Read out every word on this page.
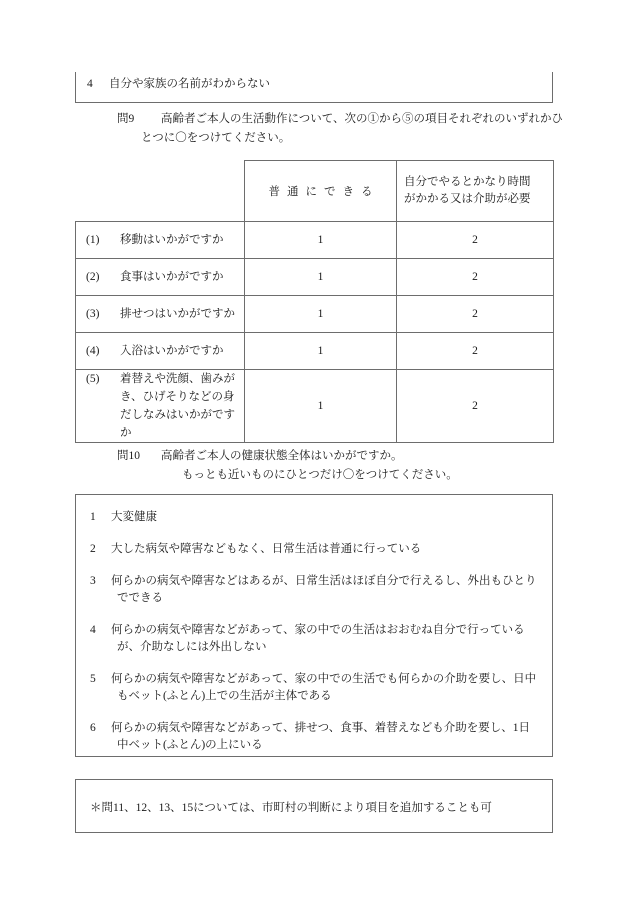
4 自分や家族の名前がわからない
問9 高齢者ご本人の生活動作について、次の①から⑤の項目それぞれのいずれかひ
とつに〇をつけてください。

	普通にできる	自分でやるとかなり時間
がかかる又は介助が必要

(1) 移動はいかがですか	1	2

(2) 食事はいかがですか	1	2

(3) 排せつはいかがですか	1	2

(4) 入浴はいかがですか	1	2

(5) 着替えや洗顔、歯みがき、ひげそりなどの身だしなみはいかがですか	1	2
問10 高齢者ご本人の健康状態全体はいかがですか。
もっとも近いものにひとつだけ〇をつけてください。
1	大変健康
2	大した病気や障害などもなく、日常生活は普通に行っている
3	何らかの病気や障害などはあるが、日常生活はほぼ自分で行えるし、外出もひとり
でできる
4	何らかの病気や障害などがあって、家の中での生活はおおむね自分で行っている
が、介助なしには外出しない
5	何らかの病気や障害などがあって、家の中での生活でも何らかの介助を要し、日中
もベット(ふとん)上での生活が主体である
6	何らかの病気や障害などがあって、排せつ、食事、着替えなども介助を要し、1日
中ベット(ふとん)の上にいる
＊問11、12、13、15については、市町村の判断により項目を追加することも可
